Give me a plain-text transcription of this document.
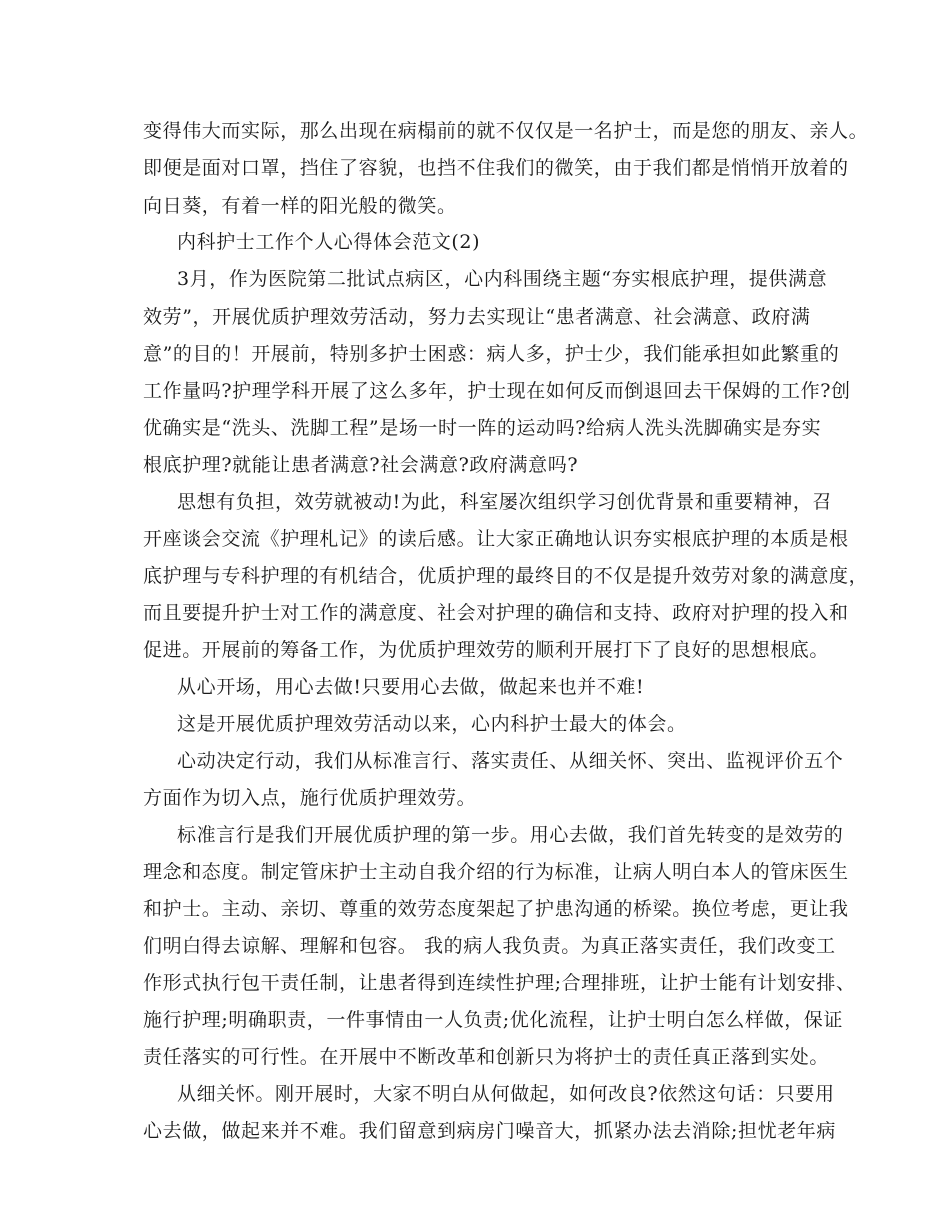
变得伟大而实际，那么出现在病榻前的就不仅仅是一名护士，而是您的朋友、亲人。
即便是面对口罩，挡住了容貌，也挡不住我们的微笑，由于我们都是悄悄开放着的
向日葵，有着一样的阳光般的微笑。
内科护士工作个人心得体会范文(2)
3月，作为医院第二批试点病区，心内科围绕主题“夯实根底护理，提供满意
效劳”，开展优质护理效劳活动，努力去实现让“患者满意、社会满意、政府满
意”的目的！开展前，特别多护士困惑：病人多，护士少，我们能承担如此繁重的
工作量吗?护理学科开展了这么多年，护士现在如何反而倒退回去干保姆的工作?创
优确实是“洗头、洗脚工程”是场一时一阵的运动吗?给病人洗头洗脚确实是夯实
根底护理?就能让患者满意?社会满意?政府满意吗?
思想有负担，效劳就被动!为此，科室屡次组织学习创优背景和重要精神，召
开座谈会交流《护理札记》的读后感。让大家正确地认识夯实根底护理的本质是根
底护理与专科护理的有机结合，优质护理的最终目的不仅是提升效劳对象的满意度，
而且要提升护士对工作的满意度、社会对护理的确信和支持、政府对护理的投入和
促进。开展前的筹备工作，为优质护理效劳的顺利开展打下了良好的思想根底。
从心开场，用心去做!只要用心去做，做起来也并不难!
这是开展优质护理效劳活动以来，心内科护士最大的体会。
心动决定行动，我们从标准言行、落实责任、从细关怀、突出、监视评价五个
方面作为切入点，施行优质护理效劳。
标准言行是我们开展优质护理的第一步。用心去做，我们首先转变的是效劳的
理念和态度。制定管床护士主动自我介绍的行为标准，让病人明白本人的管床医生
和护士。主动、亲切、尊重的效劳态度架起了护患沟通的桥梁。换位考虑，更让我
们明白得去谅解、理解和包容。 我的病人我负责。为真正落实责任，我们改变工
作形式执行包干责任制，让患者得到连续性护理;合理排班，让护士能有计划安排、
施行护理;明确职责，一件事情由一人负责;优化流程，让护士明白怎么样做，保证
责任落实的可行性。在开展中不断改革和创新只为将护士的责任真正落到实处。
从细关怀。刚开展时，大家不明白从何做起，如何改良?依然这句话：只要用
心去做，做起来并不难。我们留意到病房门噪音大，抓紧办法去消除;担忧老年病
